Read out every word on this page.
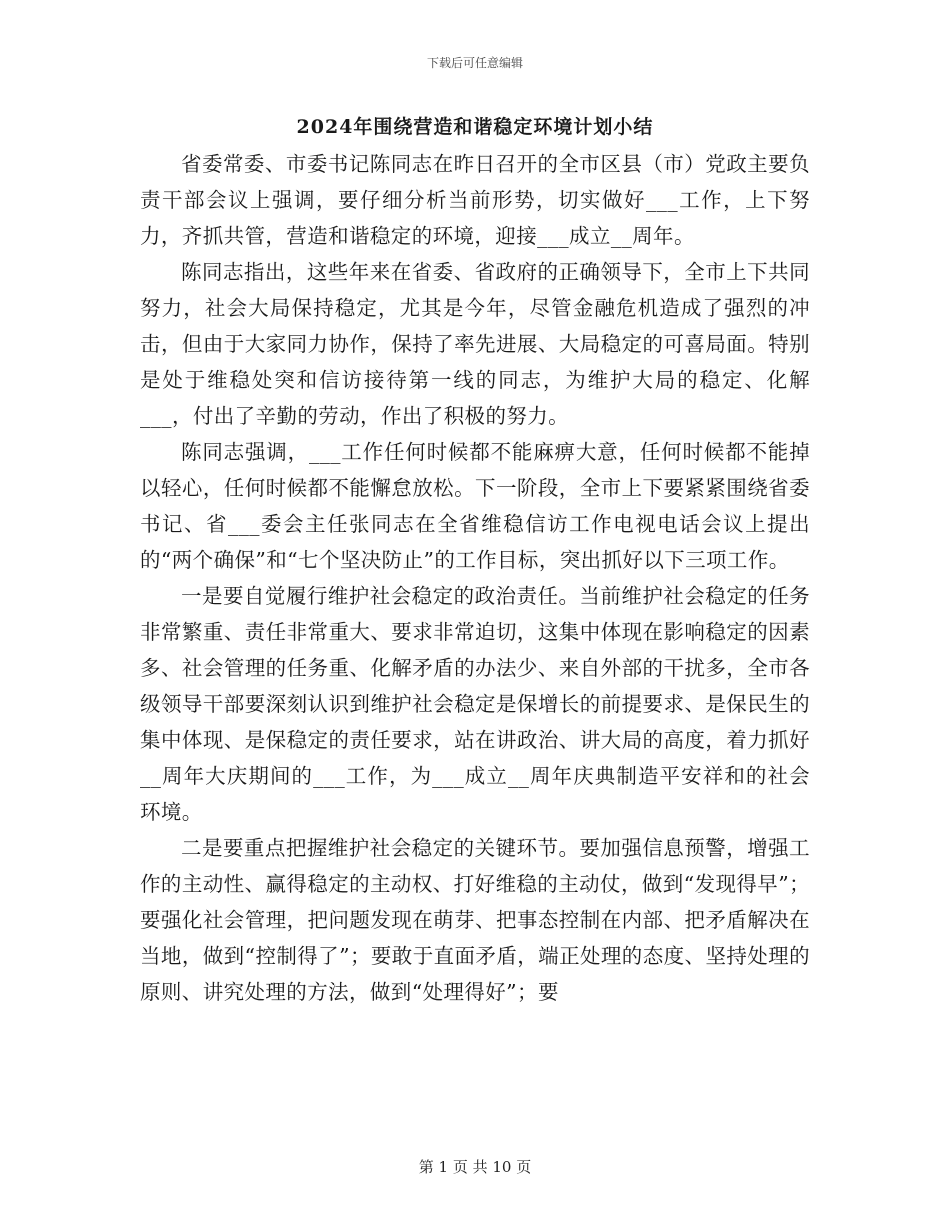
下载后可任意编辑
2024年围绕营造和谐稳定环境计划小结

省委常委、市委书记陈同志在昨日召开的全市区县（市）党政主要负责干部会议上强调，要仔细分析当前形势，切实做好___工作，上下努力，齐抓共管，营造和谐稳定的环境，迎接___成立__周年。

陈同志指出，这些年来在省委、省政府的正确领导下，全市上下共同努力，社会大局保持稳定，尤其是今年，尽管金融危机造成了强烈的冲击，但由于大家同力协作，保持了率先进展、大局稳定的可喜局面。特别是处于维稳处突和信访接待第一线的同志，为维护大局的稳定、化解___，付出了辛勤的劳动，作出了积极的努力。

陈同志强调，___工作任何时候都不能麻痹大意，任何时候都不能掉以轻心，任何时候都不能懈怠放松。下一阶段，全市上下要紧紧围绕省委书记、省___委会主任张同志在全省维稳信访工作电视电话会议上提出的“两个确保”和“七个坚决防止”的工作目标，突出抓好以下三项工作。

一是要自觉履行维护社会稳定的政治责任。当前维护社会稳定的任务非常繁重、责任非常重大、要求非常迫切，这集中体现在影响稳定的因素多、社会管理的任务重、化解矛盾的办法少、来自外部的干扰多，全市各级领导干部要深刻认识到维护社会稳定是保增长的前提要求、是保民生的集中体现、是保稳定的责任要求，站在讲政治、讲大局的高度，着力抓好__周年大庆期间的___工作，为___成立__周年庆典制造平安祥和的社会环境。

二是要重点把握维护社会稳定的关键环节。要加强信息预警，增强工作的主动性、赢得稳定的主动权、打好维稳的主动仗，做到“发现得早”；要强化社会管理，把问题发现在萌芽、把事态控制在内部、把矛盾解决在当地，做到“控制得了”；要敢于直面矛盾，端正处理的态度、坚持处理的原则、讲究处理的方法，做到“处理得好”；要

第 1 页 共 10 页
